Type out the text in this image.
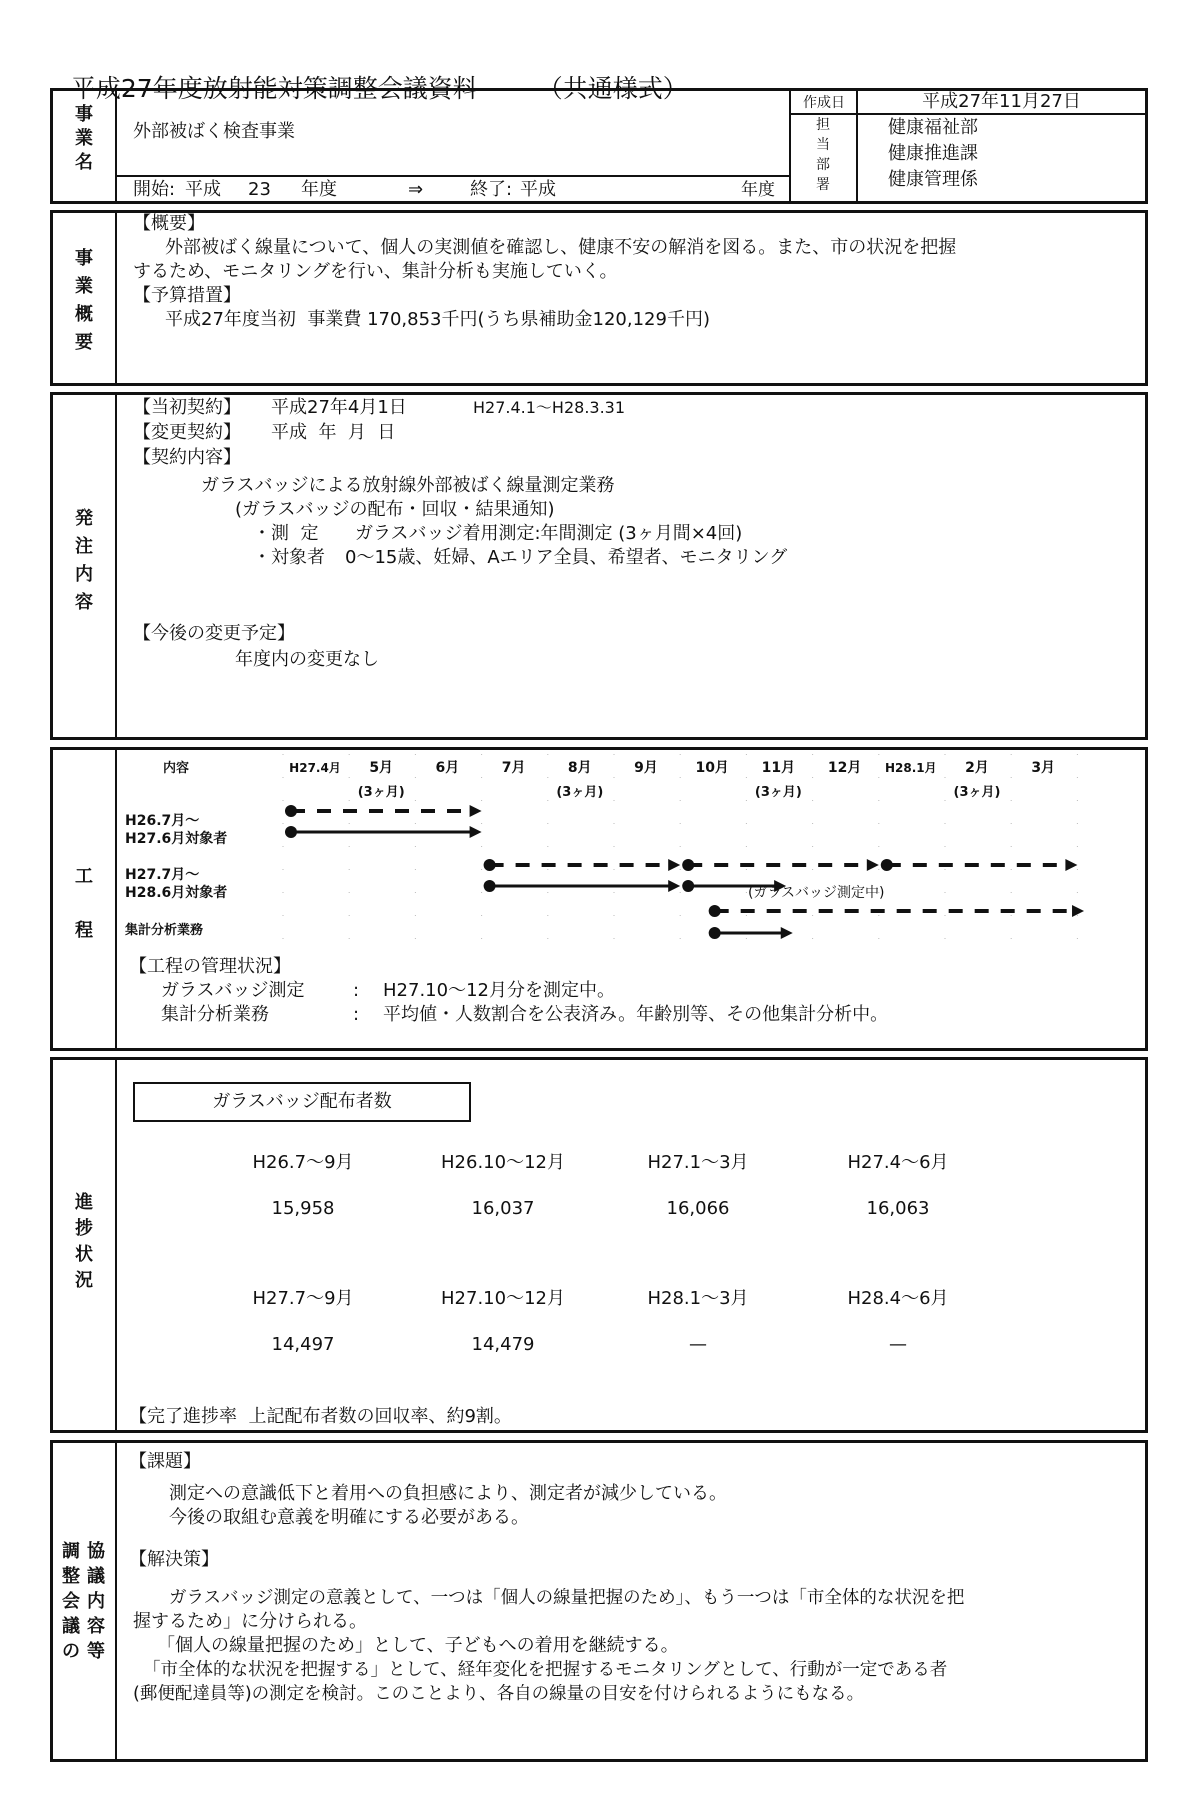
平成27年度放射能対策調整会議資料 （共通様式）

事
業
名
外部被ばく検査事業
開始: 平成 23 年度	⇒	終了: 平成	年度
作成日	平成27年11月27日
担
当
部
署
健康福祉部
健康推進課
健康管理係
事
業
概
要
【概要】
外部被ばく線量について、個人の実測値を確認し、健康不安の解消を図る。また、市の状況を把握
するため、モニタリングを行い、集計分析も実施していく。
【予算措置】
平成27年度当初  事業費 170,853千円(うち県補助金120,129千円)
発
注
内
容
【当初契約】 平成27年4月1日	H27.4.1～H28.3.31
【変更契約】 平成  年  月  日
【契約内容】
ガラスバッジによる放射線外部被ばく線量測定業務
(ガラスバッジの配布・回収・結果通知)
・測  定 ガラスバッジ着用測定:年間測定 (3ヶ月間×4回)
・対象者 0～15歳、妊婦、Aエリア全員、希望者、モニタリング
【今後の変更予定】
年度内の変更なし
工
程
H27.4月 5月	6月	7月	8月	9月	10月 11月 12月 H28.1月 2月	3月
(3ヶ月)	(3ヶ月)	(3ヶ月)	(3ヶ月)
内容
H26.7月～
H27.6月対象者
H27.7月～
H28.6月対象者
集計分析業務
(ガラスバッジ測定中)
【工程の管理状況】
ガラスバッジ測定	: H27.10～12月分を測定中。
集計分析業務	: 平均値・人数割合を公表済み。年齢別等、その他集計分析中。
進
捗
状
況
ガラスバッジ配布者数
H26.7～9月	H26.10～12月	H27.1～3月	H27.4～6月
15,958	16,037	16,066	16,063
H27.7～9月	H27.10～12月	H28.1～3月	H28.4～6月
14,497	14,479	—	—
【完了進捗率  上記配布者数の回収率、約9割。
調
整
会
議
の
協
議
内
容
等
【課題】
測定への意識低下と着用への負担感により、測定者が減少している。
今後の取組む意義を明確にする必要がある。
【解決策】
ガラスバッジ測定の意義として、一つは「個人の線量把握のため」、もう一つは「市全体的な状況を把
握するため」に分けられる。
「個人の線量把握のため」として、子どもへの着用を継続する。
「市全体的な状況を把握する」として、経年変化を把握するモニタリングとして、行動が一定である者
(郵便配達員等)の測定を検討。このことより、各自の線量の目安を付けられるようにもなる。
